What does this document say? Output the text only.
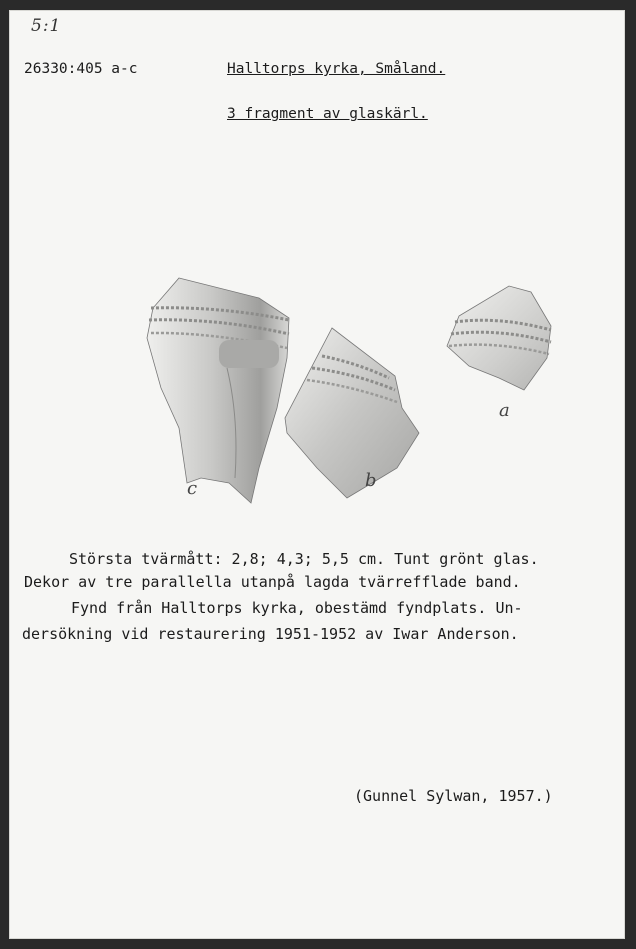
5:1
26330:405 a-c	Halltorps kyrka, Småland.
3 fragment av glaskärl.
a
b
c
Största tvärmått: 2,8; 4,3; 5,5 cm. Tunt grönt glas.
Dekor av tre parallella utanpå lagda tvärrefflade band.
Fynd från Halltorps kyrka, obestämd fyndplats. Un-
dersökning vid restaurering 1951-1952 av Iwar Anderson.
(Gunnel Sylwan, 1957.)
